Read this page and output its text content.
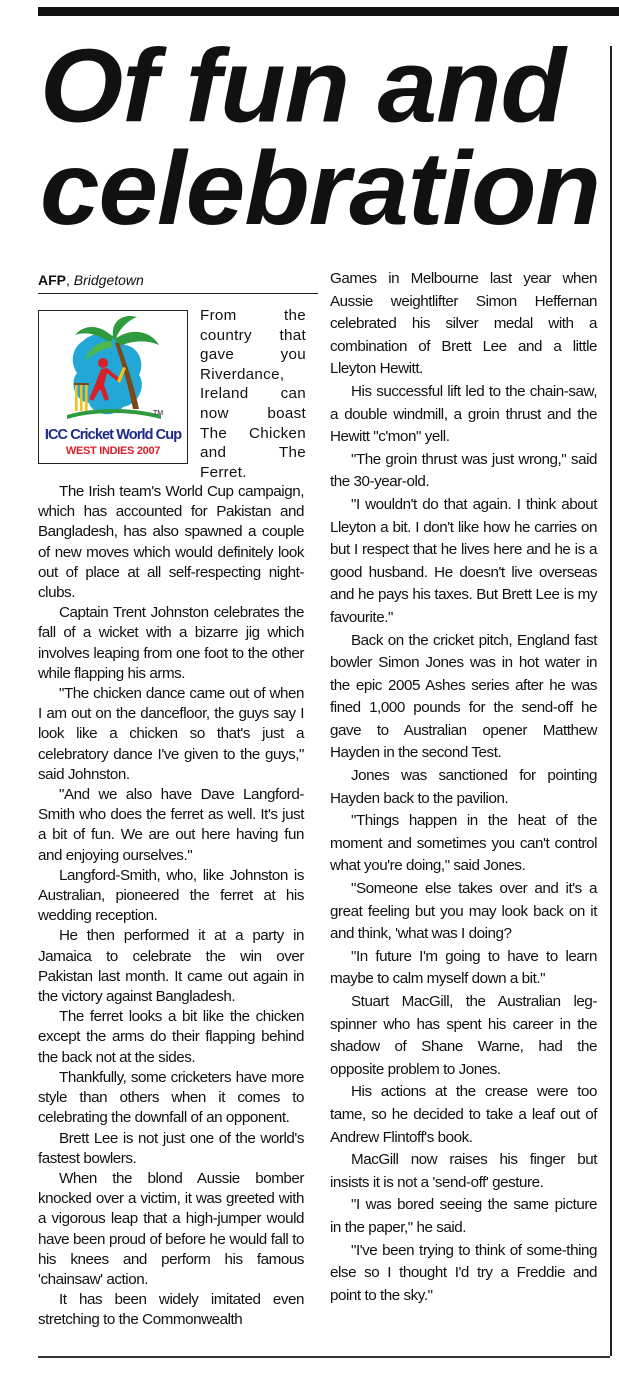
Of fun and
celebration
AFP, Bridgetown
TM
ICC Cricket World Cup
WEST INDIES 2007

From the country that gave you Riverdance, Ireland can now boast The Chicken and The Ferret.

The Irish team's World Cup campaign, which has accounted for Pakistan and Bangladesh, has also spawned a couple of new moves which would definitely look out of place at all self-respecting night-clubs.

Captain Trent Johnston celebrates the fall of a wicket with a bizarre jig which involves leaping from one foot to the other while flapping his arms.

"The chicken dance came out of when I am out on the dancefloor, the guys say I look like a chicken so that's just a celebratory dance I've given to the guys," said Johnston.

"And we also have Dave Langford-Smith who does the ferret as well. It's just a bit of fun. We are out here having fun and enjoying ourselves."

Langford-Smith, who, like Johnston is Australian, pioneered the ferret at his wedding reception.

He then performed it at a party in Jamaica to celebrate the win over Pakistan last month. It came out again in the victory against Bangladesh.

The ferret looks a bit like the chicken except the arms do their flapping behind the back not at the sides.

Thankfully, some cricketers have more style than others when it comes to celebrating the downfall of an opponent.

Brett Lee is not just one of the world's fastest bowlers.

When the blond Aussie bomber knocked over a victim, it was greeted with a vigorous leap that a high-jumper would have been proud of before he would fall to his knees and perform his famous 'chainsaw' action.

It has been widely imitated even stretching to the Commonwealth

Games in Melbourne last year when Aussie weightlifter Simon Heffernan celebrated his silver medal with a combination of Brett Lee and a little Lleyton Hewitt.

His successful lift led to the chain-saw, a double windmill, a groin thrust and the Hewitt "c'mon" yell.

"The groin thrust was just wrong," said the 30-year-old.

"I wouldn't do that again. I think about Lleyton a bit. I don't like how he carries on but I respect that he lives here and he is a good husband. He doesn't live overseas and he pays his taxes. But Brett Lee is my favourite."

Back on the cricket pitch, England fast bowler Simon Jones was in hot water in the epic 2005 Ashes series after he was fined 1,000 pounds for the send-off he gave to Australian opener Matthew Hayden in the second Test.

Jones was sanctioned for pointing Hayden back to the pavilion.

"Things happen in the heat of the moment and sometimes you can't control what you're doing," said Jones.

"Someone else takes over and it's a great feeling but you may look back on it and think, 'what was I doing?

"In future I'm going to have to learn maybe to calm myself down a bit."

Stuart MacGill, the Australian leg-spinner who has spent his career in the shadow of Shane Warne, had the opposite problem to Jones.

His actions at the crease were too tame, so he decided to take a leaf out of Andrew Flintoff's book.

MacGill now raises his finger but insists it is not a 'send-off' gesture.

"I was bored seeing the same picture in the paper," he said.

"I've been trying to think of some-thing else so I thought I'd try a Freddie and point to the sky."
